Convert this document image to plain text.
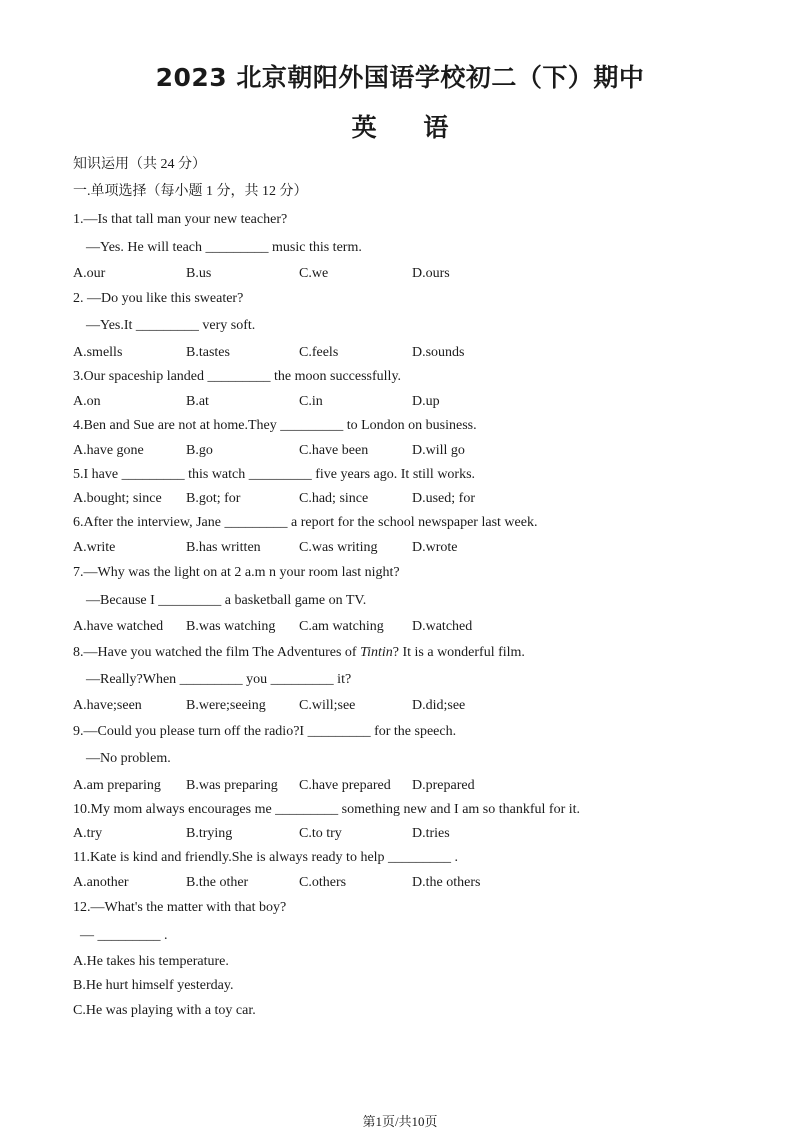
2023 北京朝阳外国语学校初二（下）期中
英 语
知识运用（共 24 分）
一.单项选择（每小题 1 分，共 12 分）
1.—Is that tall man your new teacher?
—Yes. He will teach _________ music this term.
A.our	B.us	C.we	D.ours
2. —Do you like this sweater?
—Yes.It _________ very soft.
A.smells	B.tastes	C.feels	D.sounds
3.Our spaceship landed _________ the moon successfully.
A.on	B.at	C.in	D.up
4.Ben and Sue are not at home.They _________ to London on business.
A.have gone	B.go	C.have been	D.will go
5.I have _________ this watch _________ five years ago. It still works.
A.bought; since B.got; for	C.had; since	D.used; for
6.After the interview, Jane _________ a report for the school newspaper last week.
A.write	B.has written	C.was writing D.wrote
7.—Why was the light on at 2 a.m n your room last night?
—Because I _________ a basketball game on TV.
A.have watched B.was watching C.am watching D.watched
8.—Have you watched the film The Adventures of Tintin? It is a wonderful film.
—Really?When _________ you _________ it?
A.have;seen	B.were;seeing C.will;see	D.did;see
9.—Could you please turn off the radio?I _________ for the speech.
—No problem.
A.am preparing B.was preparing C.have prepared D.prepared
10.My mom always encourages me _________ something new and I am so thankful for it.
A.try	B.trying	C.to try	D.tries
11.Kate is kind and friendly.She is always ready to help _________ .
A.another	B.the other	C.others	D.the others
12.—What's the matter with that boy?
— _________ .
A.He takes his temperature.
B.He hurt himself yesterday.
C.He was playing with a toy car.
第1页/共10页
